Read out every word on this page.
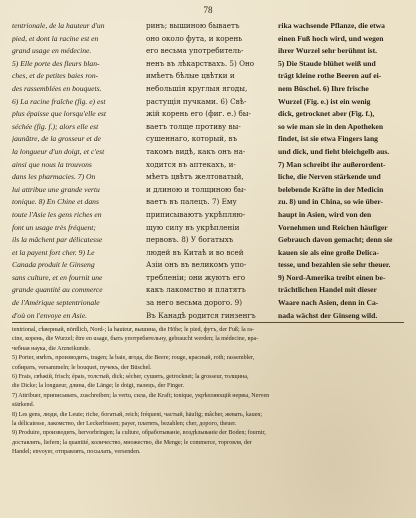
78

tentrionale, de la hauteur d'un

pied, et dont la racine est en

grand usage en médecine.

5) Elle porte des fleurs blan-

ches, et de petites baies ron-

des rassemblées en bouquets.

6) La racine fraîche (fig. e) est

plus épaisse que lorsqu'elle est

séchée (fig. f.); alors elle est

jaunâtre, de la grosseur et de

la longueur d'un doigt, et c'est

ainsi que nous la trouvons

dans les pharmacies. 7) On

lui attribue une grande vertu

tonique. 8) En Chine et dans

toute l'Asie les gens riches en

font un usage très fréquent;

ils la mâchent par délicatesse

et la payent fort cher. 9) Le

Canada produit le Ginseng

sans culture, et en fournit une

grande quantité au commerce

de l'Amérique septentrionale

d'où on l'envoye en Asie.

ринъ; вышиною бываетъ

оно около фута, и корень

его весьма употребитель-

ненъ въ лѣкарствахъ. 5) Оно

имѣетъ бѣлые цвѣтки и

небольшія круглыя ягоды,

растущія пучками. 6) Свѣ-

жій корень его (фиг. е.) бы-

ваетъ толще противу вы-

сушеннаго, который, въ

такомъ видѣ, какъ онъ на-

ходится въ аптекахъ, и-

мѣетъ цвѣтъ желтоватый,

и длиною и толщиною бы-

ваетъ въ палецъ. 7) Ему

приписываютъ укрѣпляю-

щую силу въ укрѣпленіи

первовъ. 8) У богатыхъ

людей въ Китаѣ и во всей

Азіи онъ въ великомъ упо-

требленіи; они жуютъ его

какъ лакомство и платятъ

за него весьма дорого. 9)

Въ Канадѣ родится гинзенгъ

rika wachsende Pflanze, die etwa

einen Fuß hoch wird, und wegen

ihrer Wurzel sehr berühmt ist.

5) Die Staude blühet weiß und

trägt kleine rothe Beeren auf ei-

nem Büschel. 6) Ihre frische

Wurzel (Fig. e.) ist ein wenig

dick, getrocknet aber (Fig. f.),

so wie man sie in den Apotheken

findet, ist sie etwa Fingers lang

und dick, und fieht bleichgelb aus.

7) Man schreibt ihr außerordent-

liche, die Nerven stärkende und

belebende Kräfte in der Medicin

zu. 8) und in China, so wie über-

haupt in Asien, wird von den

Vornehmen und Reichen häufiger

Gebrauch davon gemacht; denn sie

kauen sie als eine große Delica-

tesse, und bezahlen sie sehr theuer.

9) Nord-Amerika treibt einen be-

trächtlichen Handel mit dieser

Waare nach Asien, denn in Ca-

nada wächst der Ginseng wild.

tentrional, сѣверный, nördlich, Nord-; la hauteur, вышина, die Höhe; le pied, футъ, der Fuß; la ra-

cine, корень, die Wurzel; être en usage, быть употребительну, gebraucht werden; la médecine, вра-

чебная наука, die Arzneikunde.

5) Porter, имѣть, производить, tragen; la baie, ягода, die Beere; rouge, красный, roth; rassembler,

собирать, versammeln; le bouquet, пучекъ, der Büschel.

6) Frais, свѣжій, frisch; épais, толстый, dick; sécher, сушить, getrocknet; la grosseur, толщина,

die Dicke; la longueur, длина, die Länge; le doigt, палецъ, der Finger.

7) Attribuer, приписывать, zuschreiben; la vertu, сила, die Kraft; tonique, укрѣпляющій нервы, Nerven

stärkend.

8) Les gens, люди, die Leute; riche, богатый, reich; fréquent, частый, häufig; mâcher, жевать, kauen;

la délicatesse, лакомство, der Leckerbissen; payer, платить, bezahlen; cher, дорого, theuer.

9) Produire, производить, hervorbringen; la culture, обработываніе, воздѣлываніе der Boden; fournir,

доставлять, liefern; la quantité, количество, множество, die Menge; le commerce, торговля, der

Handel; envoyer, отправлять, посылать, versenden.
